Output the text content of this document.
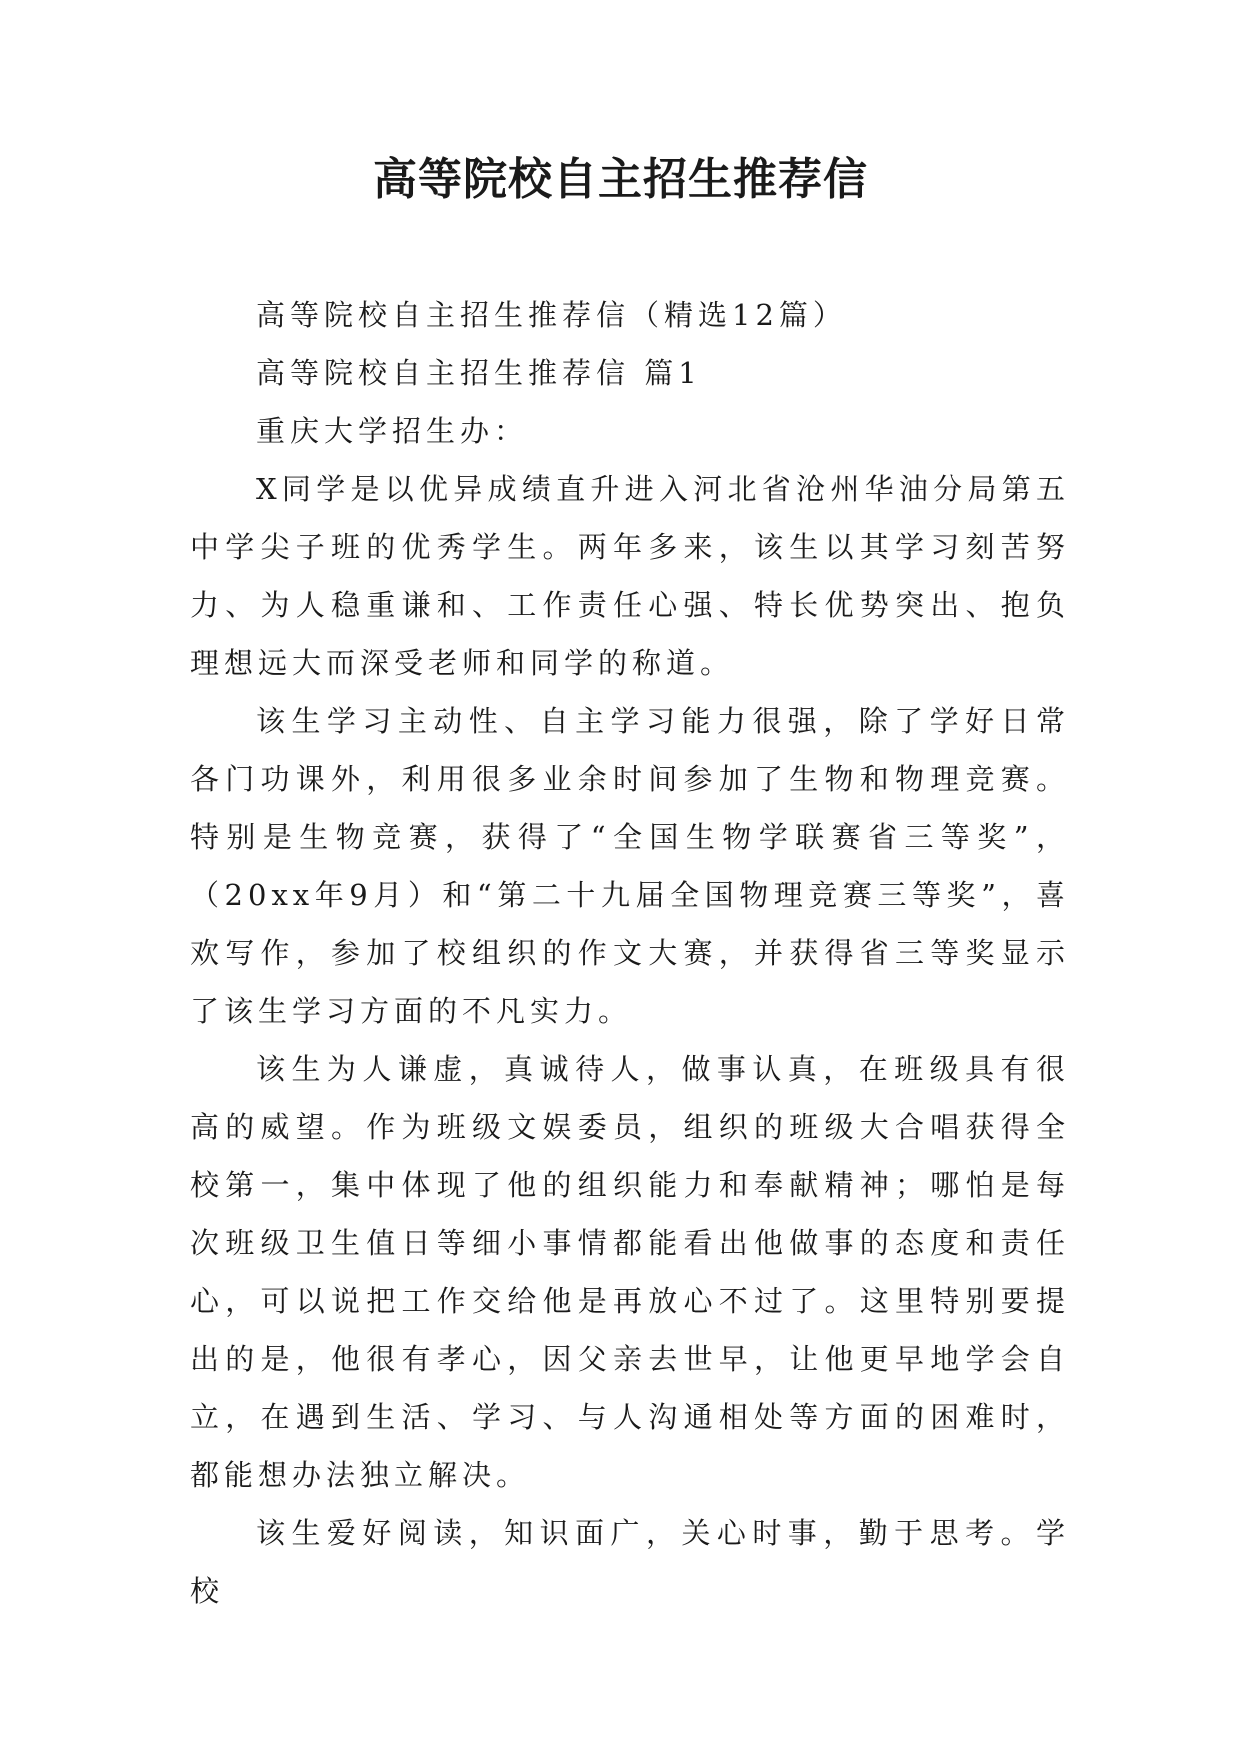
高等院校自主招生推荐信

高等院校自主招生推荐信（精选12篇）

高等院校自主招生推荐信 篇1

重庆大学招生办：

X同学是以优异成绩直升进入河北省沧州华油分局第五中学尖子班的优秀学生。两年多来，该生以其学习刻苦努力、为人稳重谦和、工作责任心强、特长优势突出、抱负理想远大而深受老师和同学的称道。

该生学习主动性、自主学习能力很强，除了学好日常各门功课外，利用很多业余时间参加了生物和物理竞赛。特别是生物竞赛，获得了“全国生物学联赛省三等奖”，（20xx年9月）和“第二十九届全国物理竞赛三等奖”，喜欢写作，参加了校组织的作文大赛，并获得省三等奖显示了该生学习方面的不凡实力。

该生为人谦虚，真诚待人，做事认真，在班级具有很高的威望。作为班级文娱委员，组织的班级大合唱获得全校第一，集中体现了他的组织能力和奉献精神；哪怕是每次班级卫生值日等细小事情都能看出他做事的态度和责任心，可以说把工作交给他是再放心不过了。这里特别要提出的是，他很有孝心，因父亲去世早，让他更早地学会自立，在遇到生活、学习、与人沟通相处等方面的困难时，都能想办法独立解决。

该生爱好阅读，知识面广，关心时事，勤于思考。学校
